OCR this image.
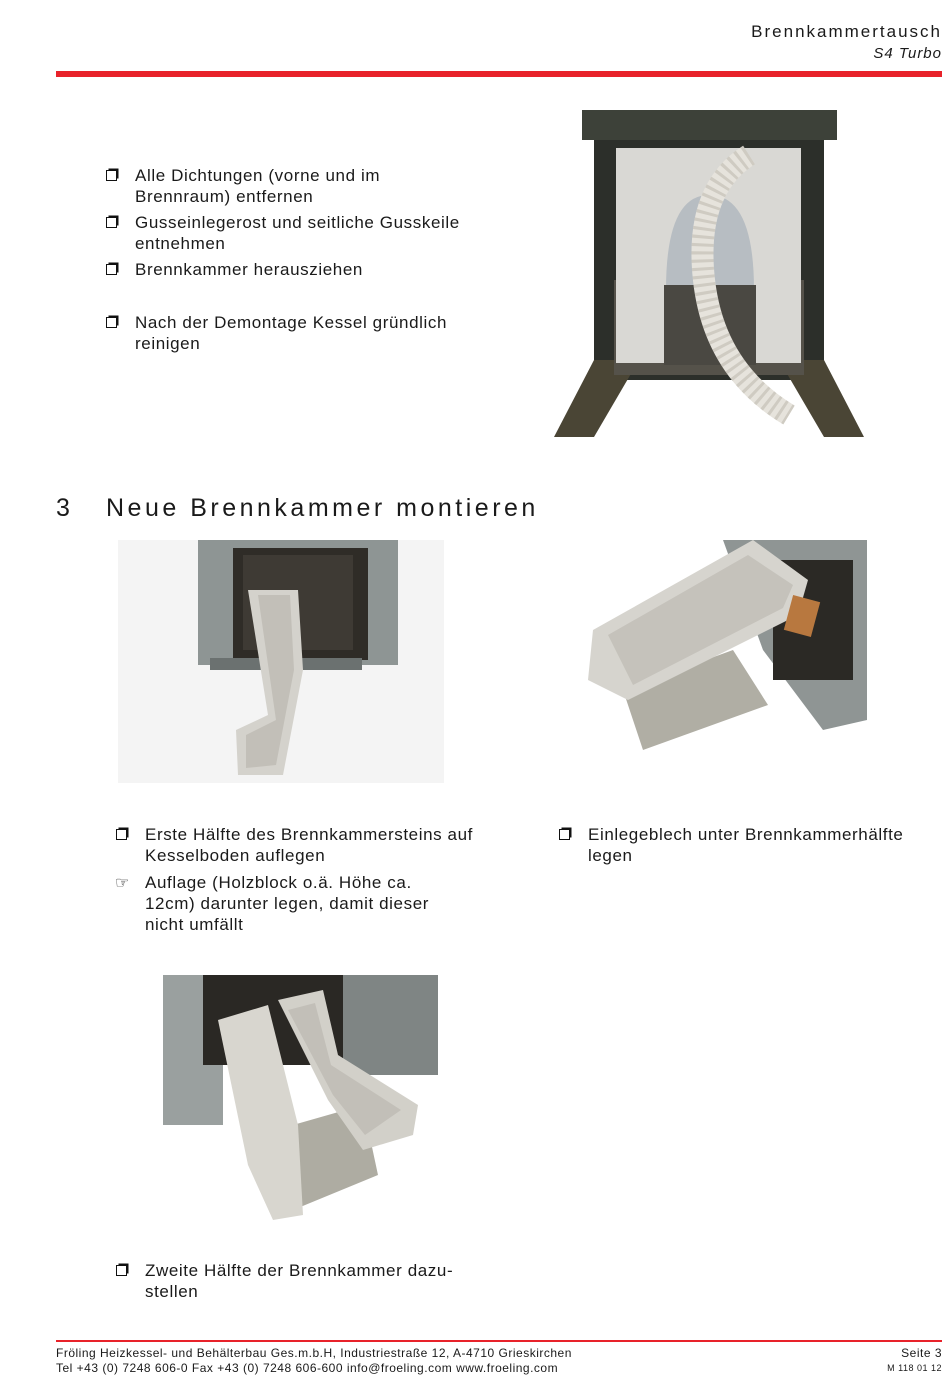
Brennkammertausch
S4 Turbo
Alle Dichtungen (vorne und im Brennraum) entfernen
Gusseinlegerost und seitliche Gusskeile entnehmen
Brennkammer herausziehen
Nach der Demontage Kessel gründlich reinigen
3 Neue Brennkammer montieren
Erste Hälfte des Brennkammersteins auf Kesselboden auflegen
☞ Auflage (Holzblock o.ä. Höhe ca. 12cm) darunter legen, damit dieser nicht umfällt
Einlegeblech unter Brennkammerhälfte legen
Zweite Hälfte der Brennkammer dazu-stellen
Fröling Heizkessel- und Behälterbau Ges.m.b.H, Industriestraße 12, A-4710 Grieskirchen
Tel +43 (0) 7248 606-0 Fax +43 (0) 7248 606-600 info@froeling.com www.froeling.com
Seite 3
M 118 01 12
